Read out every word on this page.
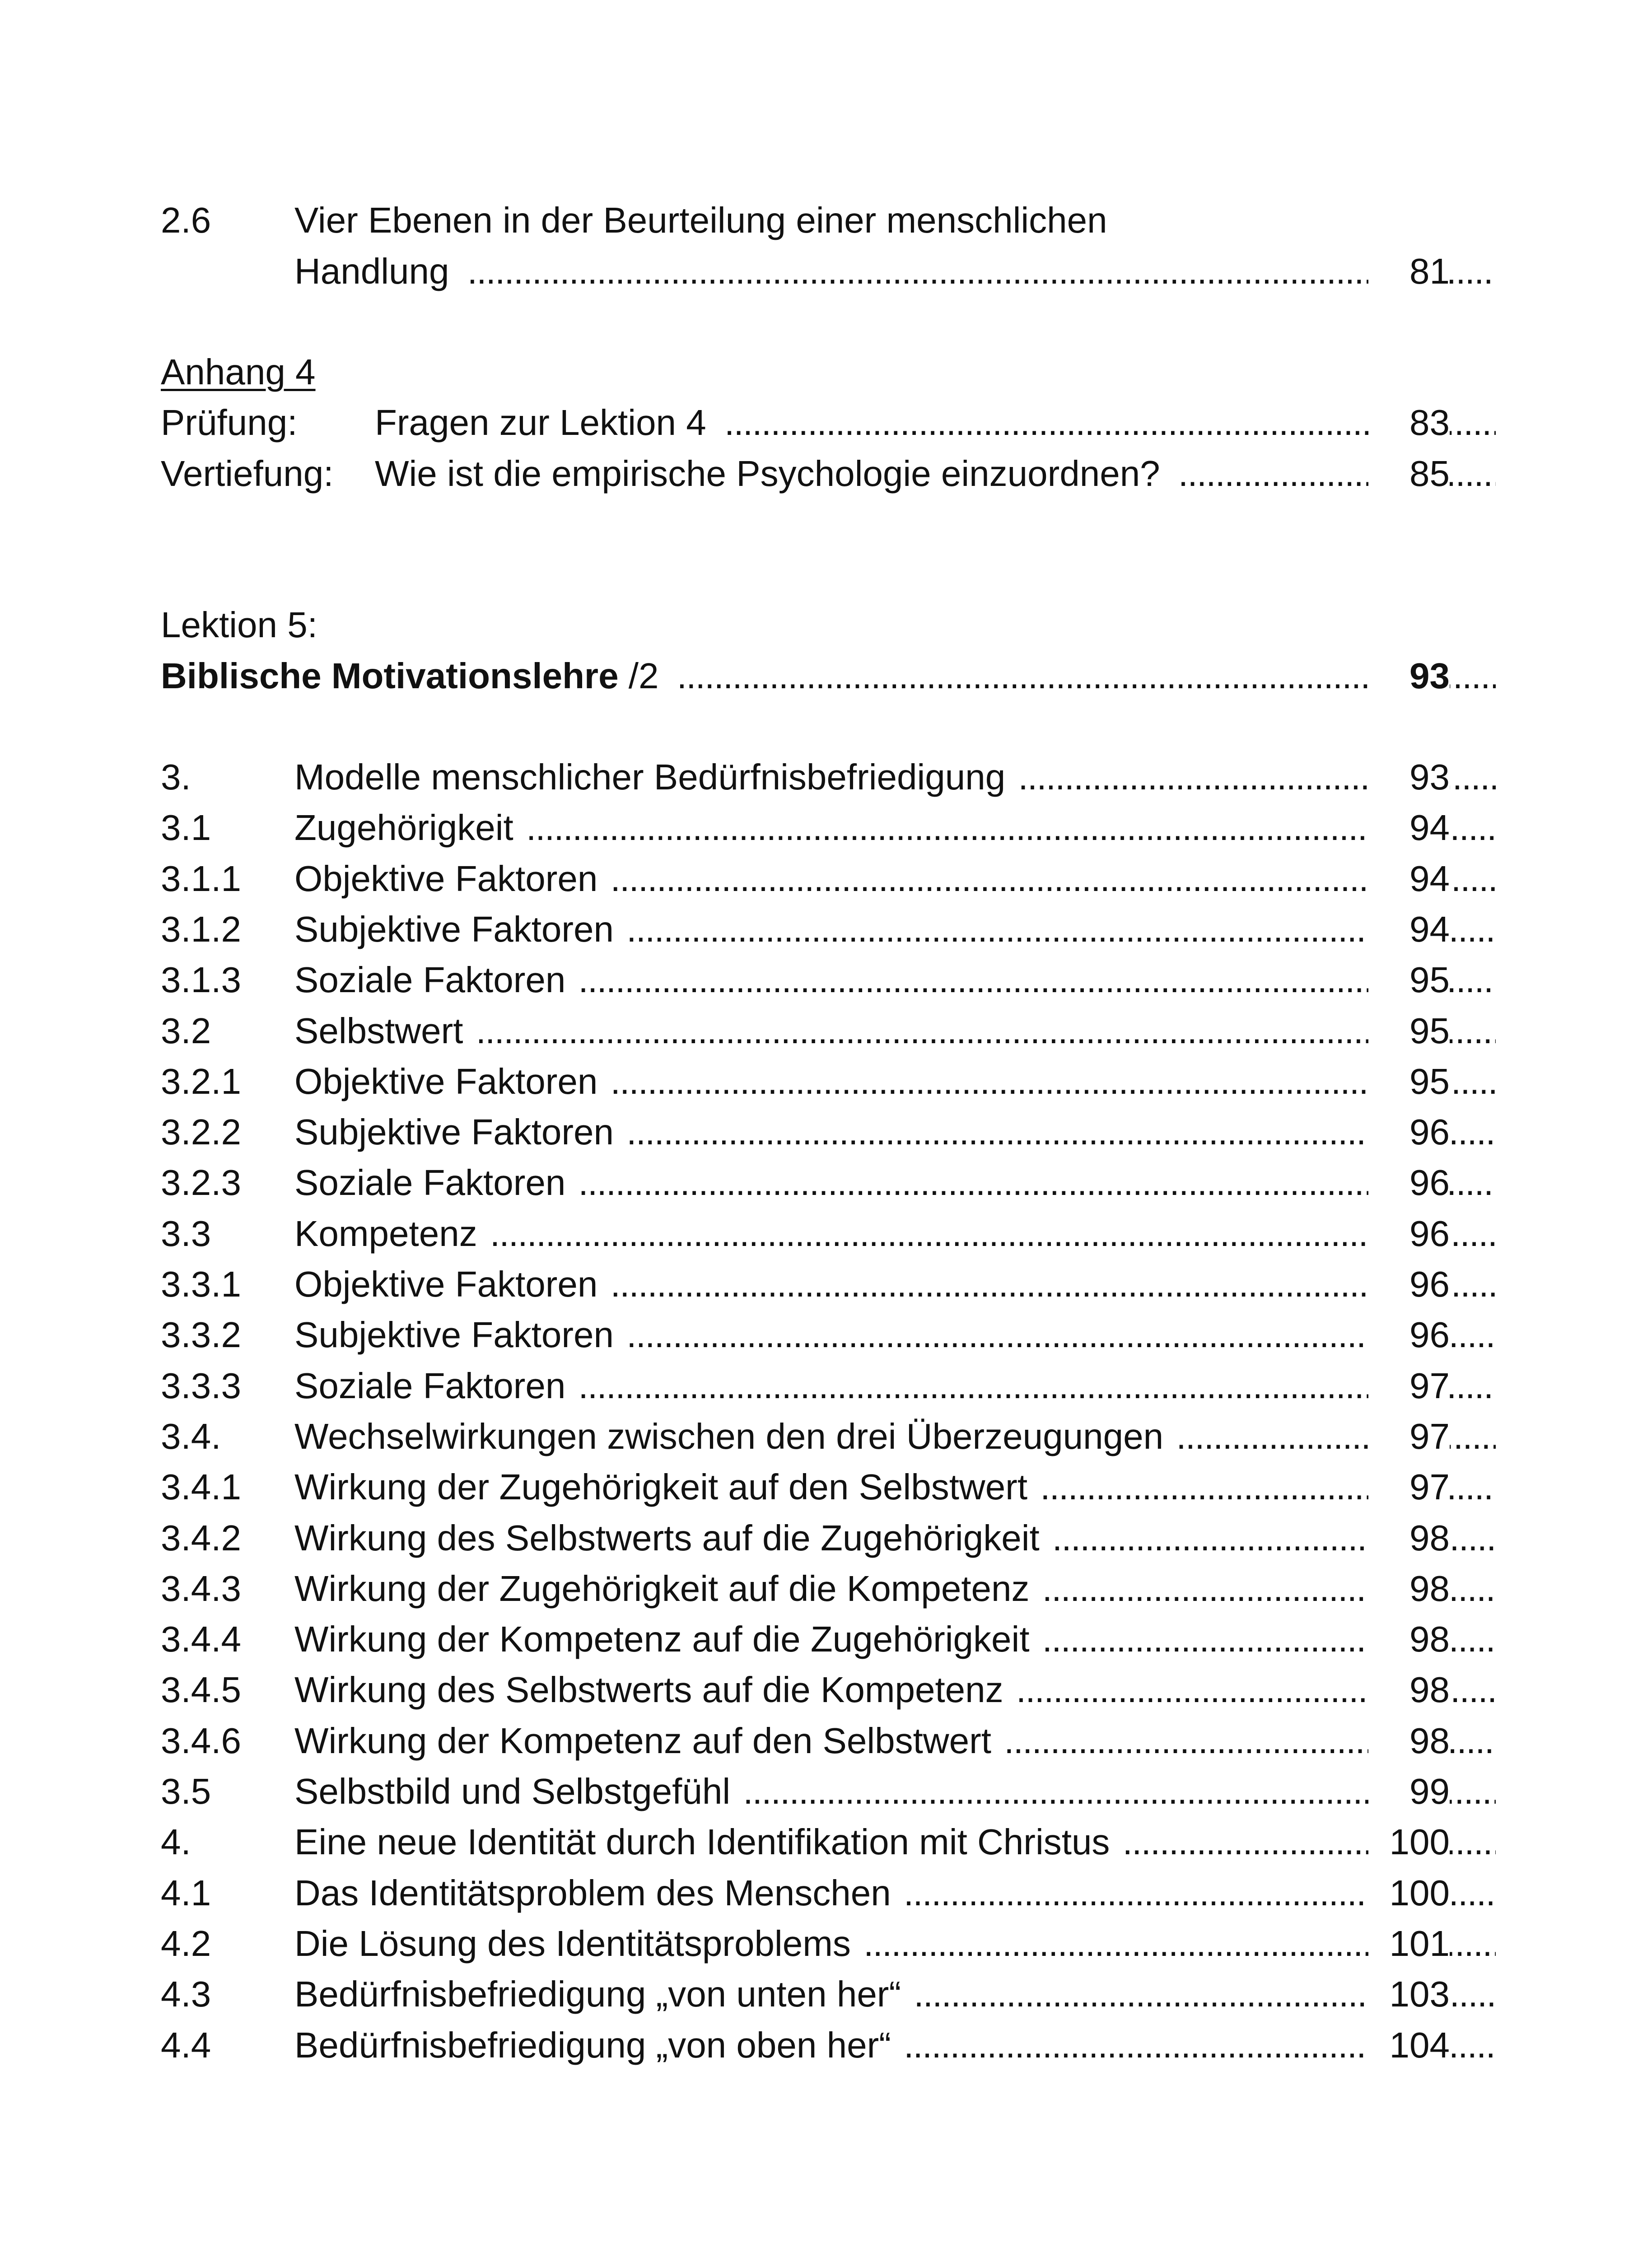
2.6 Vier Ebenen in der Beurteilung einer menschlichen
Handlung . . .	81
Anhang 4
Prüfung: Fragen zur Lektion 4 . . .	83
Vertiefung: Wie ist die empirische Psychologie einzuordnen? . . .	85
Lektion 5:
Biblische Motivationslehre /2 . . .	93
3.	Modelle menschlicher Bedürfnisbefriedigung . . .	93
3.1 Zugehörigkeit . . .	94
3.1.1 Objektive Faktoren . . .	94
3.1.2 Subjektive Faktoren . . .	94
3.1.3 Soziale Faktoren . . .	95
3.2 Selbstwert . . .	95
3.2.1 Objektive Faktoren . . .	95
3.2.2 Subjektive Faktoren . . .	96
3.2.3 Soziale Faktoren . . .	96
3.3 Kompetenz . . .	96
3.3.1 Objektive Faktoren . . .	96
3.3.2 Subjektive Faktoren . . .	96
3.3.3 Soziale Faktoren . . .	97
3.4. Wechselwirkungen zwischen den drei Überzeugungen . . .	97
3.4.1 Wirkung der Zugehörigkeit auf den Selbstwert . . .	97
3.4.2 Wirkung des Selbstwerts auf die Zugehörigkeit . . .	98
3.4.3 Wirkung der Zugehörigkeit auf die Kompetenz . . .	98
3.4.4 Wirkung der Kompetenz auf die Zugehörigkeit . . .	98
3.4.5 Wirkung des Selbstwerts auf die Kompetenz . . .	98
3.4.6 Wirkung der Kompetenz auf den Selbstwert . . .	98
3.5 Selbstbild und Selbstgefühl . . .	99
4.	Eine neue Identität durch Identifikation mit Christus . . .	100
4.1 Das Identitätsproblem des Menschen . . .	100
4.2 Die Lösung des Identitätsproblems . . .	101
4.3 Bedürfnisbefriedigung „von unten her“ . . .	103
4.4 Bedürfnisbefriedigung „von oben her“ . . .	104
